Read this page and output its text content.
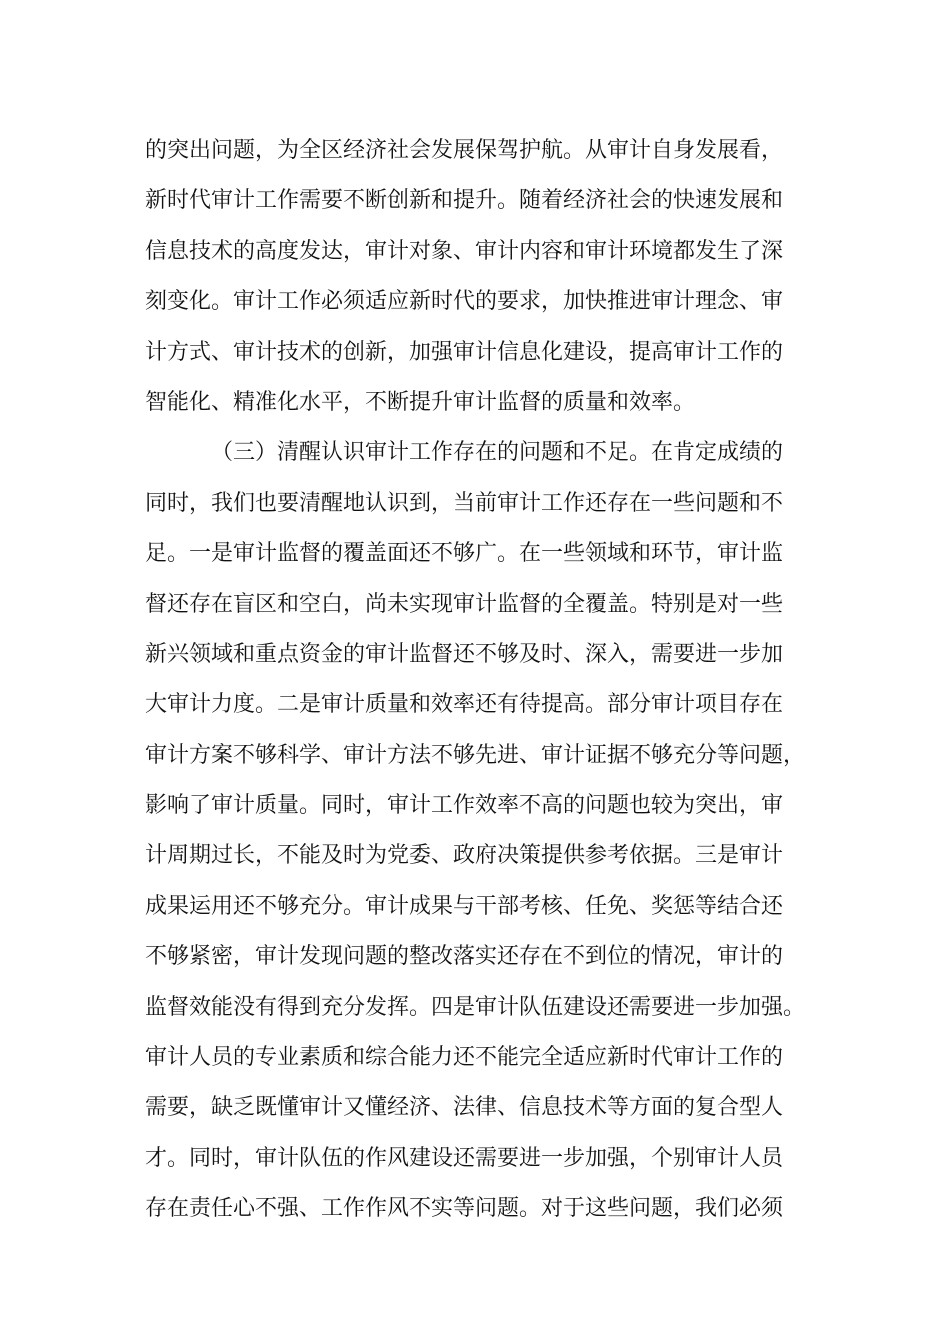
的突出问题，为全区经济社会发展保驾护航。从审计自身发展看，
新时代审计工作需要不断创新和提升。随着经济社会的快速发展和
信息技术的高度发达，审计对象、审计内容和审计环境都发生了深
刻变化。审计工作必须适应新时代的要求，加快推进审计理念、审
计方式、审计技术的创新，加强审计信息化建设，提高审计工作的
智能化、精准化水平，不断提升审计监督的质量和效率。
（三）清醒认识审计工作存在的问题和不足。在肯定成绩的
同时，我们也要清醒地认识到，当前审计工作还存在一些问题和不
足。一是审计监督的覆盖面还不够广。在一些领域和环节，审计监
督还存在盲区和空白，尚未实现审计监督的全覆盖。特别是对一些
新兴领域和重点资金的审计监督还不够及时、深入，需要进一步加
大审计力度。二是审计质量和效率还有待提高。部分审计项目存在
审计方案不够科学、审计方法不够先进、审计证据不够充分等问题，
影响了审计质量。同时，审计工作效率不高的问题也较为突出，审
计周期过长，不能及时为党委、政府决策提供参考依据。三是审计
成果运用还不够充分。审计成果与干部考核、任免、奖惩等结合还
不够紧密，审计发现问题的整改落实还存在不到位的情况，审计的
监督效能没有得到充分发挥。四是审计队伍建设还需要进一步加强。
审计人员的专业素质和综合能力还不能完全适应新时代审计工作的
需要，缺乏既懂审计又懂经济、法律、信息技术等方面的复合型人
才。同时，审计队伍的作风建设还需要进一步加强，个别审计人员
存在责任心不强、工作作风不实等问题。对于这些问题，我们必须
